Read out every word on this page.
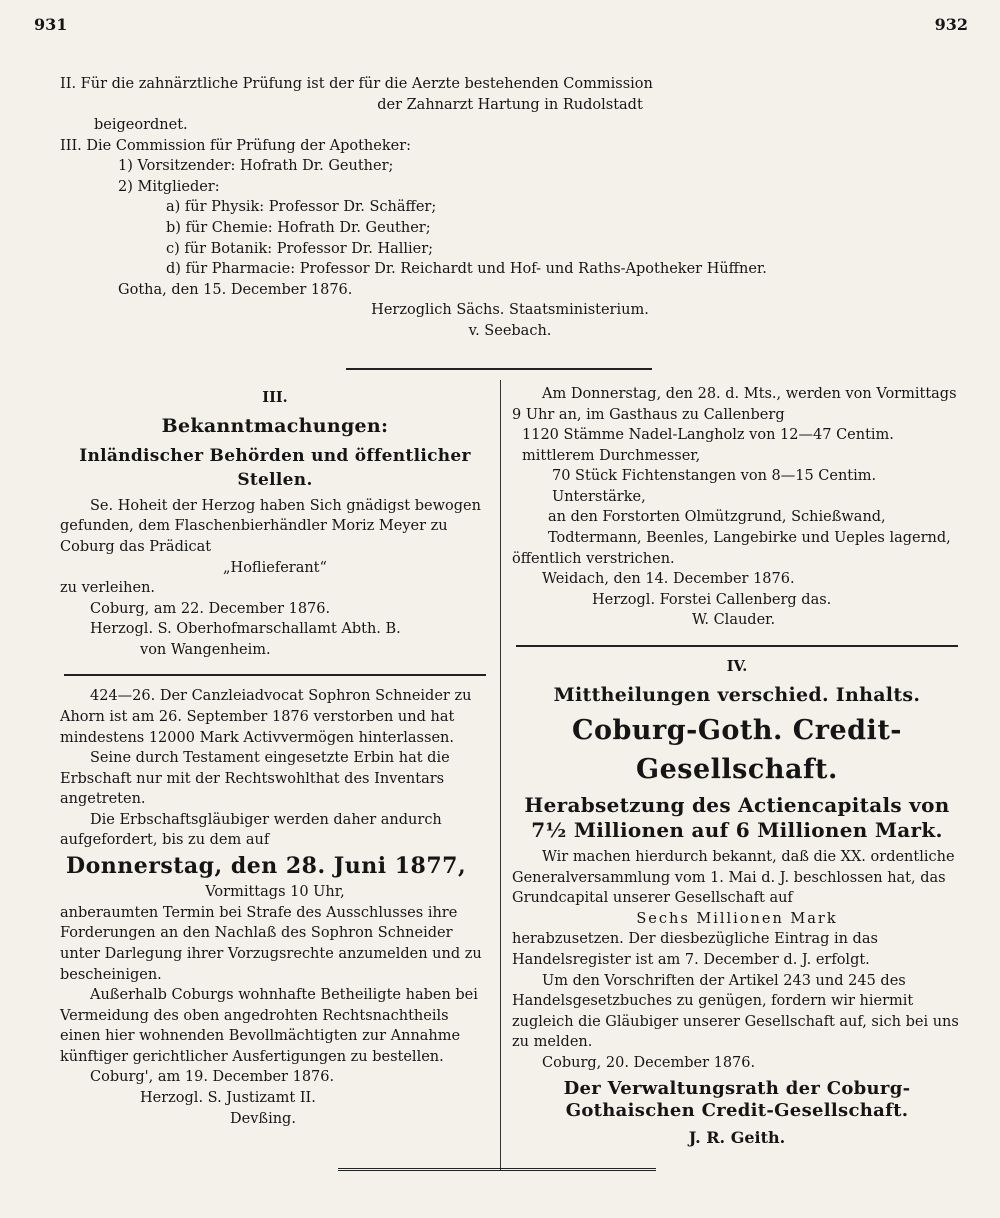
931	932

II. Für die zahnärztliche Prüfung ist der für die Aerzte bestehenden Commission

der Zahnarzt Hartung in Rudolstadt

beigeordnet.

III. Die Commission für Prüfung der Apotheker:

1) Vorsitzender: Hofrath Dr. Geuther;

2) Mitglieder:

a) für Physik: Professor Dr. Schäffer;

b) für Chemie: Hofrath Dr. Geuther;

c) für Botanik: Professor Dr. Hallier;

d) für Pharmacie: Professor Dr. Reichardt und Hof- und Raths-Apotheker Hüffner.

Gotha, den 15. December 1876.

Herzoglich Sächs. Staatsministerium.

v. Seebach.

III.

Bekanntmachungen:

Inländischer Behörden und öffentlicher Stellen.

Se. Hoheit der Herzog haben Sich gnädigst bewogen gefunden, dem Flaschenbierhändler Moriz Meyer zu Coburg das Prädicat

„Hoflieferant“

zu verleihen.

Coburg, am 22. December 1876.

Herzogl. S. Oberhofmarschallamt Abth. B.

von Wangenheim.

424—26. Der Canzleiadvocat Sophron Schneider zu Ahorn ist am 26. September 1876 verstorben und hat mindestens 12000 Mark Activvermögen hinterlassen.

Seine durch Testament eingesetzte Erbin hat die Erbschaft nur mit der Rechtswohlthat des Inventars angetreten.

Die Erbschaftsgläubiger werden daher andurch aufgefordert, bis zu dem auf

Donnerstag, den 28. Juni 1877,

Vormittags 10 Uhr,

anberaumten Termin bei Strafe des Ausschlusses ihre Forderungen an den Nachlaß des Sophron Schneider unter Darlegung ihrer Vorzugsrechte anzumelden und zu bescheinigen.

Außerhalb Coburgs wohnhafte Betheiligte haben bei Vermeidung des oben angedrohten Rechtsnachtheils einen hier wohnenden Bevollmächtigten zur Annahme künftiger gerichtlicher Ausfertigungen zu bestellen.

Coburg', am 19. December 1876.

Herzogl. S. Justizamt II.

Devßing.

Am Donnerstag, den 28. d. Mts., werden von Vormittags 9 Uhr an, im Gasthaus zu Callenberg

1120 Stämme Nadel-Langholz von 12—47 Centim. mittlerem Durchmesser,

70 Stück Fichtenstangen von 8—15 Centim. Unterstärke,

an den Forstorten Olmützgrund, Schießwand, Todtermann, Beenles, Langebirke und Ueples lagernd,

öffentlich verstrichen.

Weidach, den 14. December 1876.

Herzogl. Forstei Callenberg das.

W. Clauder.

IV.

Mittheilungen verschied. Inhalts.

Coburg-Goth. Credit-Gesellschaft.

Herabsetzung des Actiencapitals von 7½ Millionen auf 6 Millionen Mark.

Wir machen hierdurch bekannt, daß die XX. ordentliche Generalversammlung vom 1. Mai d. J. beschlossen hat, das Grundcapital unserer Gesellschaft auf

Sechs Millionen Mark

herabzusetzen. Der diesbezügliche Eintrag in das Handelsregister ist am 7. December d. J. erfolgt.

Um den Vorschriften der Artikel 243 und 245 des Handelsgesetzbuches zu genügen, fordern wir hiermit zugleich die Gläubiger unserer Gesellschaft auf, sich bei uns zu melden.

Coburg, 20. December 1876.

Der Verwaltungsrath der Coburg-Gothaischen Credit-Gesellschaft.

J. R. Geith.
